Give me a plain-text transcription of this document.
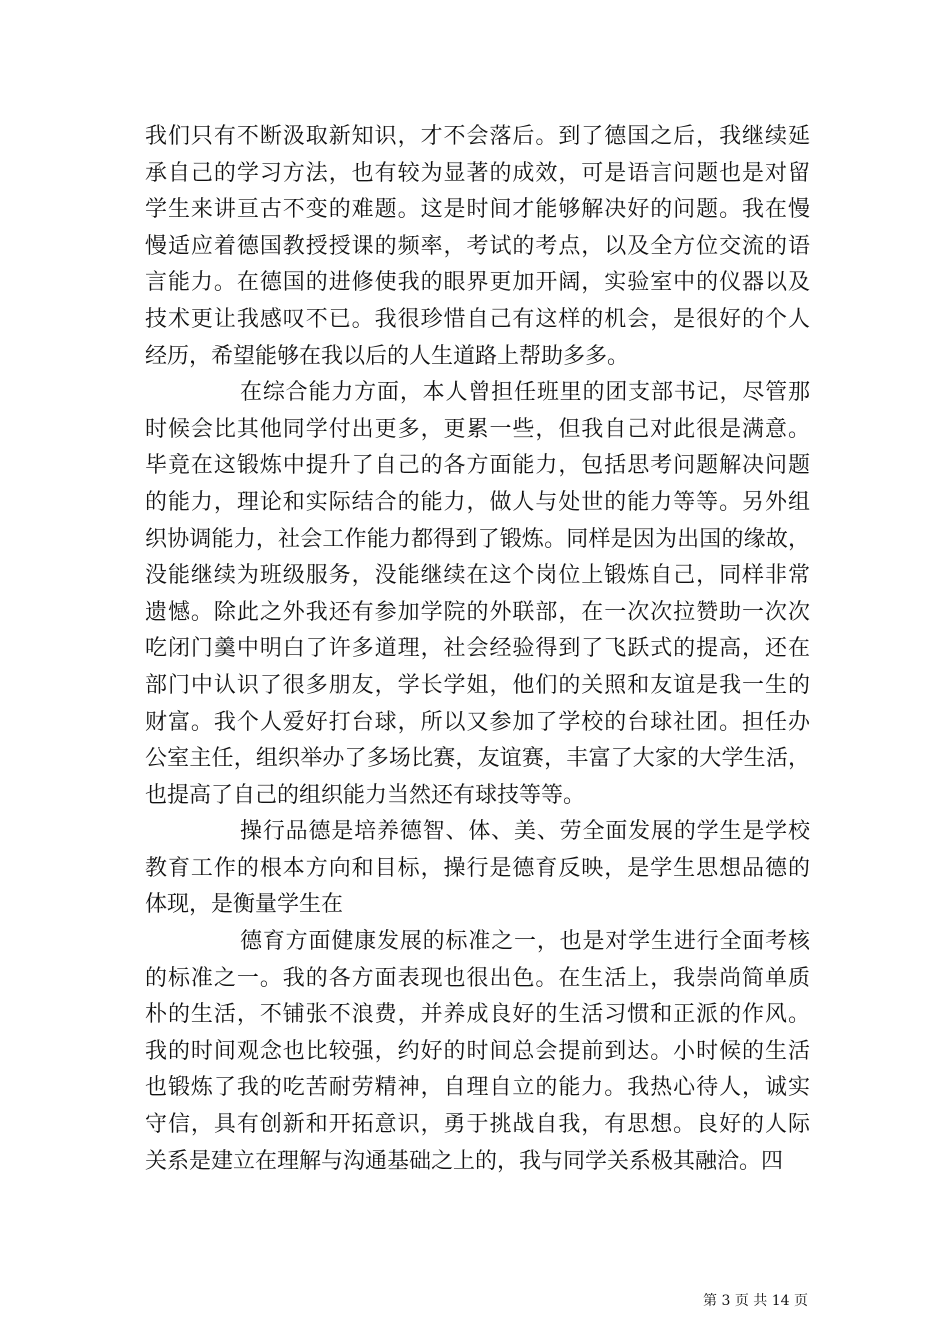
我们只有不断汲取新知识，才不会落后。到了德国之后，我继续延
承自己的学习方法，也有较为显著的成效，可是语言问题也是对留
学生来讲亘古不变的难题。这是时间才能够解决好的问题。我在慢
慢适应着德国教授授课的频率，考试的考点，以及全方位交流的语
言能力。在德国的进修使我的眼界更加开阔，实验室中的仪器以及
技术更让我感叹不已。我很珍惜自己有这样的机会，是很好的个人
经历，希望能够在我以后的人生道路上帮助多多。
在综合能力方面，本人曾担任班里的团支部书记，尽管那
时候会比其他同学付出更多，更累一些，但我自己对此很是满意。
毕竟在这锻炼中提升了自己的各方面能力，包括思考问题解决问题
的能力，理论和实际结合的能力，做人与处世的能力等等。另外组
织协调能力，社会工作能力都得到了锻炼。同样是因为出国的缘故，
没能继续为班级服务，没能继续在这个岗位上锻炼自己，同样非常
遗憾。除此之外我还有参加学院的外联部，在一次次拉赞助一次次
吃闭门羹中明白了许多道理，社会经验得到了飞跃式的提高，还在
部门中认识了很多朋友，学长学姐，他们的关照和友谊是我一生的
财富。我个人爱好打台球，所以又参加了学校的台球社团。担任办
公室主任，组织举办了多场比赛，友谊赛，丰富了大家的大学生活，
也提高了自己的组织能力当然还有球技等等。
操行品德是培养德智、体、美、劳全面发展的学生是学校
教育工作的根本方向和目标，操行是德育反映，是学生思想品德的
体现，是衡量学生在
德育方面健康发展的标准之一，也是对学生进行全面考核
的标准之一。我的各方面表现也很出色。在生活上，我崇尚简单质
朴的生活，不铺张不浪费，并养成良好的生活习惯和正派的作风。
我的时间观念也比较强，约好的时间总会提前到达。小时候的生活
也锻炼了我的吃苦耐劳精神，自理自立的能力。我热心待人，诚实
守信，具有创新和开拓意识，勇于挑战自我，有思想。良好的人际
关系是建立在理解与沟通基础之上的，我与同学关系极其融洽。四
第 3 页 共 14 页
